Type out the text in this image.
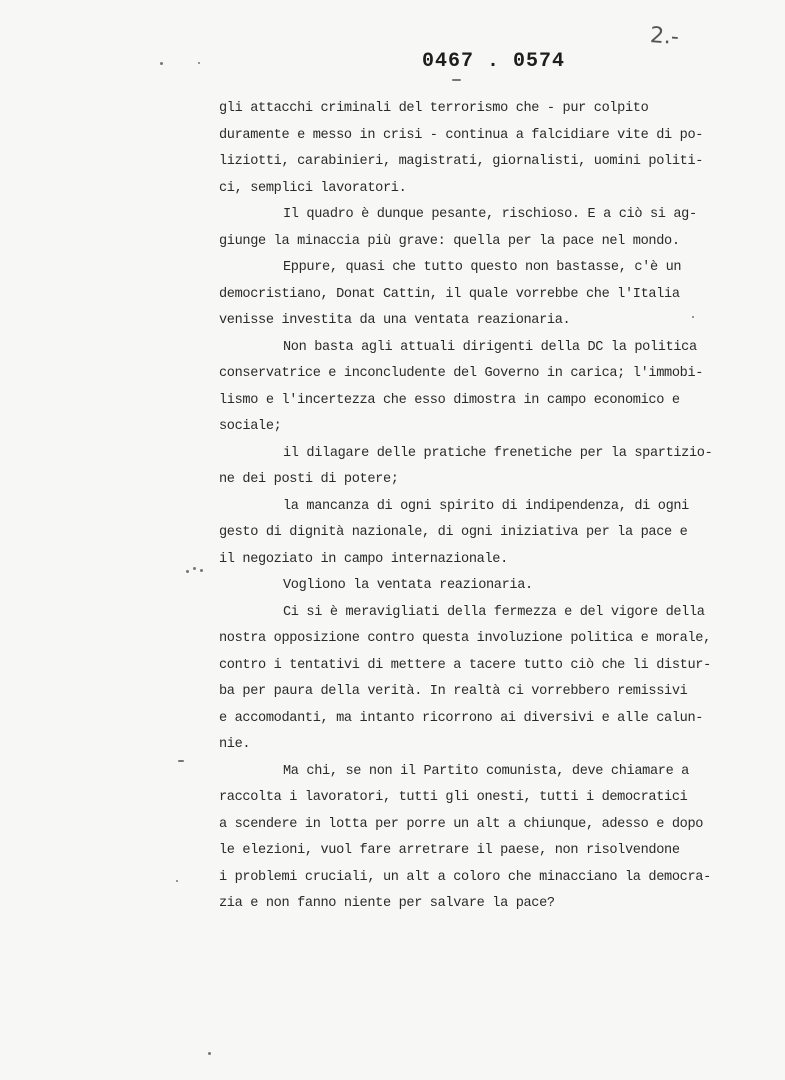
2.-
0467 . 0574
gli attacchi criminali del terrorismo che - pur colpito
duramente e messo in crisi - continua a falcidiare vite di po-
liziotti, carabinieri, magistrati, giornalisti, uomini politi-
ci, semplici lavoratori.
Il quadro è dunque pesante, rischioso. E a ciò si ag-
giunge la minaccia più grave: quella per la pace nel mondo.
Eppure, quasi che tutto questo non bastasse, c'è un
democristiano, Donat Cattin, il quale vorrebbe che l'Italia
venisse investita da una ventata reazionaria.
Non basta agli attuali dirigenti della DC la politica
conservatrice e inconcludente del Governo in carica; l'immobi-
lismo e l'incertezza che esso dimostra in campo economico e
sociale;
il dilagare delle pratiche frenetiche per la spartizio-
ne dei posti di potere;
la mancanza di ogni spirito di indipendenza, di ogni
gesto di dignità nazionale, di ogni iniziativa per la pace e
il negoziato in campo internazionale.
Vogliono la ventata reazionaria.
Ci si è meravigliati della fermezza e del vigore della
nostra opposizione contro questa involuzione politica e morale,
contro i tentativi di mettere a tacere tutto ciò che li distur-
ba per paura della verità. In realtà ci vorrebbero remissivi
e accomodanti, ma intanto ricorrono ai diversivi e alle calun-
nie.
Ma chi, se non il Partito comunista, deve chiamare a
raccolta i lavoratori, tutti gli onesti, tutti i democratici
a scendere in lotta per porre un alt a chiunque, adesso e dopo
le elezioni, vuol fare arretrare il paese, non risolvendone
i problemi cruciali, un alt a coloro che minacciano la democra-
zia e non fanno niente per salvare la pace?
